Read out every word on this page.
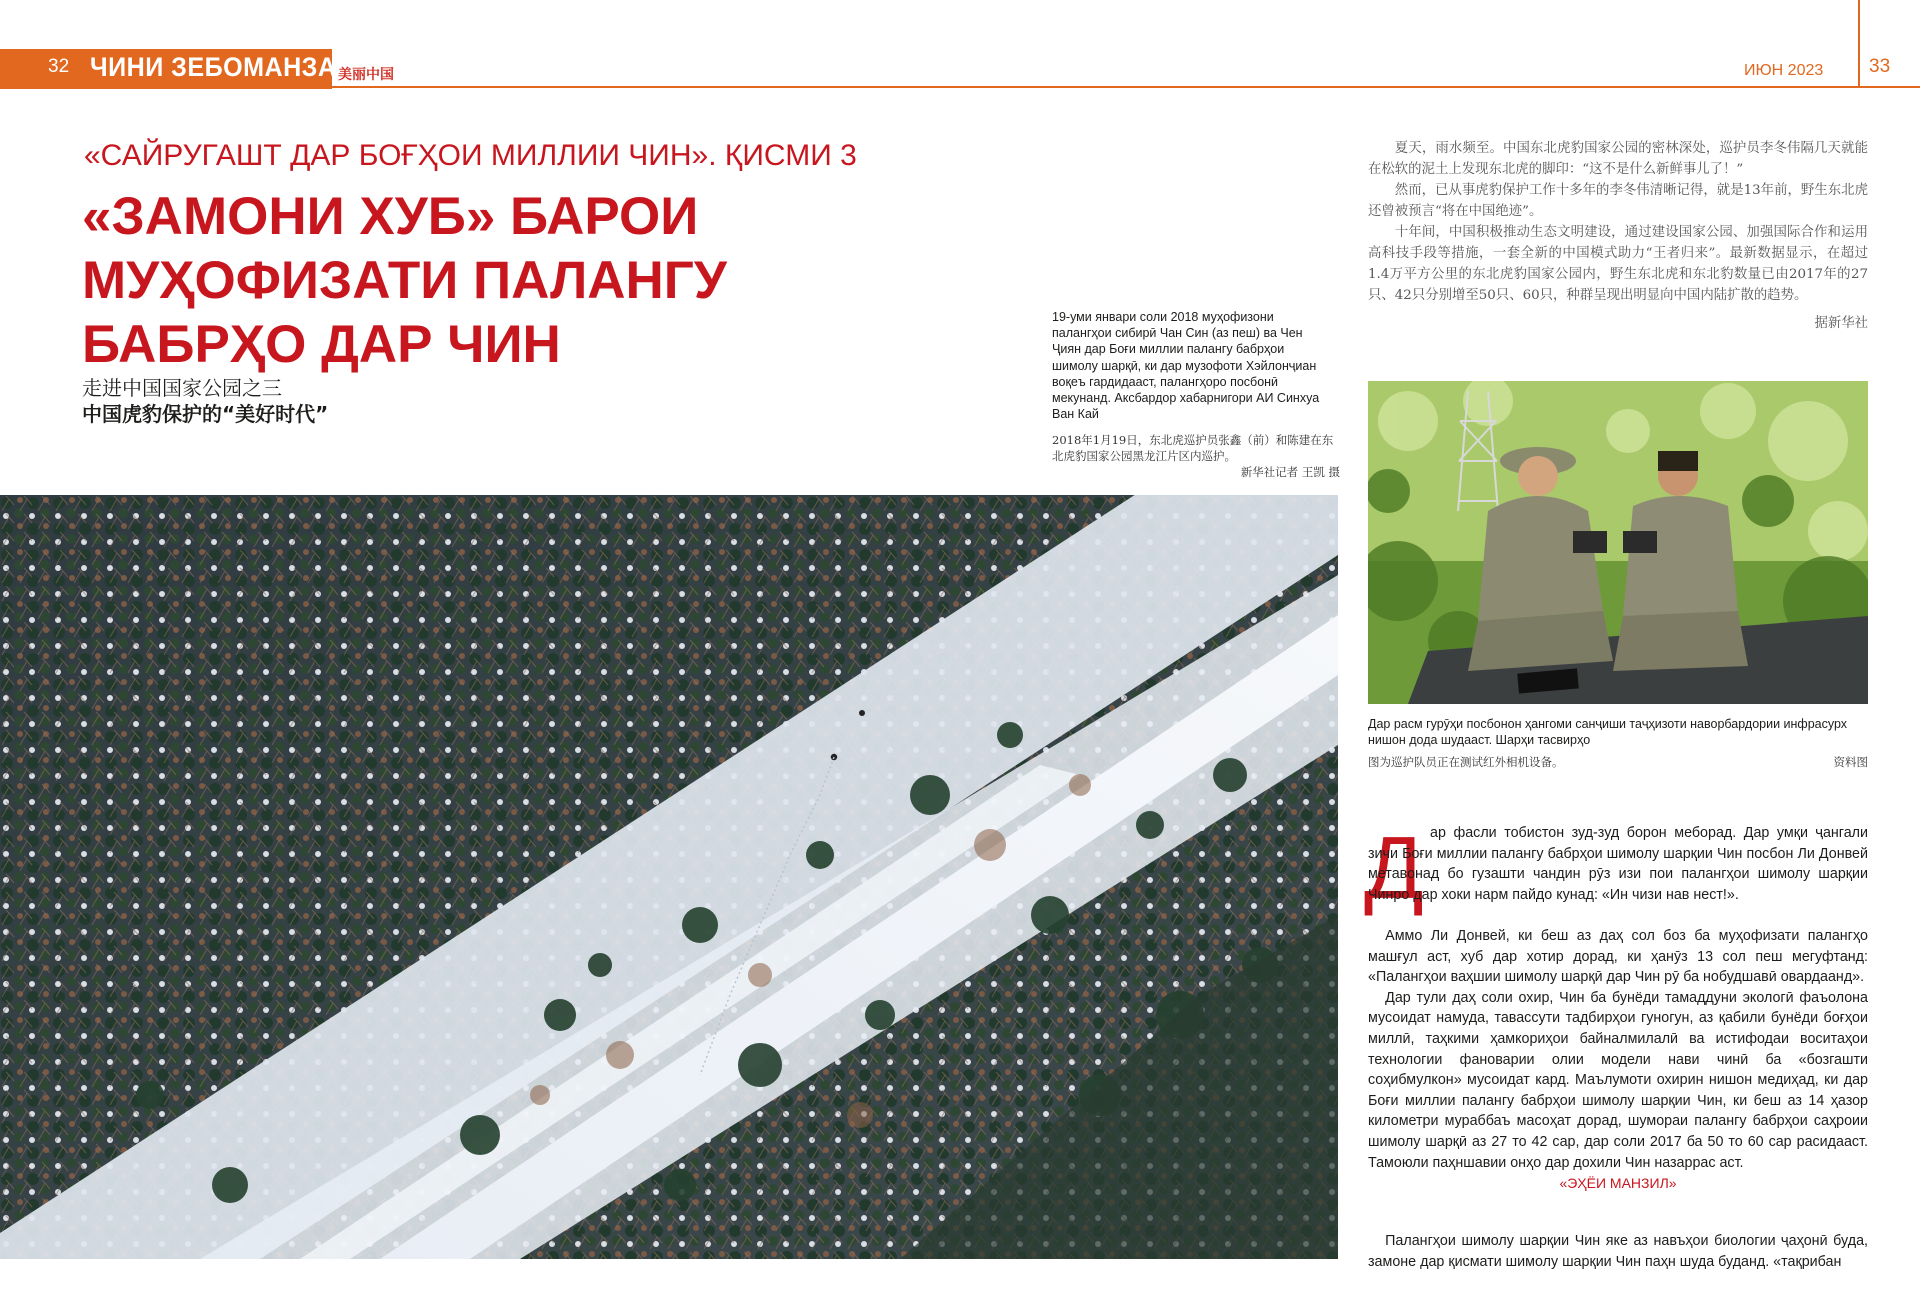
32 ЧИНИ ЗЕБОМАНЗАР
美丽中国	ИЮН 2023 33
«САЙРУГАШТ ДАР БОҒҲОИ МИЛЛИИ ЧИН». ҚИСМИ 3
«ЗАМОНИ ХУБ» БАРОИ
МУҲОФИЗАТИ ПАЛАНГУ
БАБРҲО ДАР ЧИН
走进中国国家公园之三
中国虎豹保护的“美好时代”
19-уми январи соли 2018 муҳофизони палангҳои сибирӣ Чан Син (аз пеш) ва Чен Ҷиян дар Боғи миллии палангу бабрҳои шимолу шарқӣ, ки дар музофоти Хэйлонҷиан воқеъ гардидааст, палангҳоро посбонӣ мекунанд. Аксбардор хабарнигори АИ Синхуа Ван Кай
2018年1月19日，东北虎巡护员张鑫（前）和陈建在东北虎豹国家公园黑龙江片区内巡护。
新华社记者 王凯 摄

夏天，雨水频至。中国东北虎豹国家公园的密林深处，巡护员李冬伟隔几天就能在松软的泥土上发现东北虎的脚印：“这不是什么新鲜事儿了！”

然而，已从事虎豹保护工作十多年的李冬伟清晰记得，就是13年前，野生东北虎还曾被预言“将在中国绝迹”。

十年间，中国积极推动生态文明建设，通过建设国家公园、加强国际合作和运用高科技手段等措施，一套全新的中国模式助力“王者归来”。最新数据显示，在超过1.4万平方公里的东北虎豹国家公园内，野生东北虎和东北豹数量已由2017年的27只、42只分别增至50只、60只，种群呈现出明显向中国内陆扩散的趋势。

据新华社
Дар расм гурӯҳи посбонон ҳангоми санҷиши таҷҳизоти наворбардории инфрасурх нишон дода шудааст. Шарҳи тасвирҳо
图为巡护队员正在测试红外相机设备。	资料图
Д ар фасли тобистон зуд-зуд борон меборад. Дар умқи ҷангали зичи Боғи миллии палангу бабрҳои шимолу шарқии Чин посбон Ли Донвей метавонад бо гузашти чандин рӯз изи пои палангҳои шимолу шарқии Чинро дар хоки нарм пайдо кунад: «Ин чизи нав нест!».

Аммо Ли Донвей, ки беш аз даҳ сол боз ба муҳофизати палангҳо машғул аст, хуб дар хотир дорад, ки ҳанӯз 13 сол пеш мегуфтанд: «Палангҳои ваҳшии шимолу шарқӣ дар Чин рӯ ба нобудшавӣ овардаанд».

Дар тули даҳ соли охир, Чин ба бунёди тамаддуни экологӣ фаъолона мусоидат намуда, тавассути тадбирҳои гуногун, аз қабили бунёди боғҳои миллӣ, таҳкими ҳамкориҳои байналмилалӣ ва истифодаи воситаҳои технологии фановарии олии модели нави чинӣ ба «бозгашти соҳибмулкон» мусоидат кард. Маълумоти охирин нишон медиҳад, ки дар Боғи миллии палангу бабрҳои шимолу шарқии Чин, ки беш аз 14 ҳазор километри мураббаъ масоҳат дорад, шумораи палангу бабрҳои саҳроии шимолу шарқӣ аз 27 то 42 сар, дар соли 2017 ба 50 то 60 сар расидааст. Тамоюли паҳншавии онҳо дар дохили Чин назаррас аст.

«ЭҲЁИ МАНЗИЛ»

Палангҳои шимолу шарқии Чин яке аз навъҳои биологии ҷаҳонӣ буда, замоне дар қисмати шимолу шарқии Чин паҳн шуда буданд. «тақрибан
